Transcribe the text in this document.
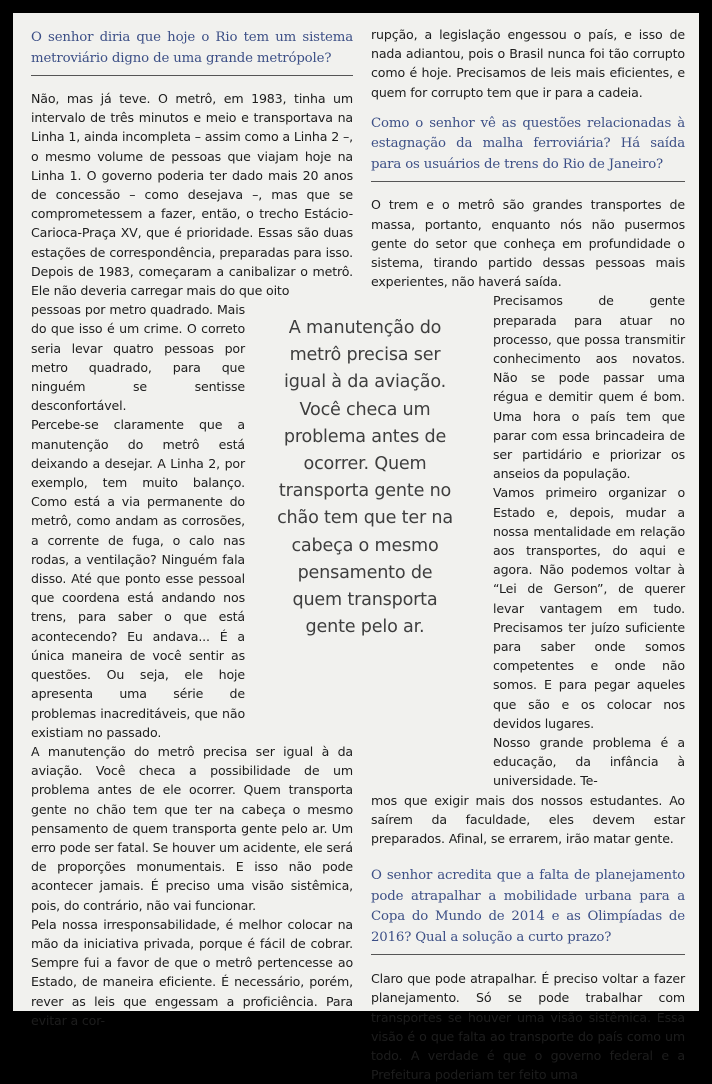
O senhor diria que hoje o Rio tem um sistema metroviário digno de uma grande metrópole?

Não, mas já teve. O metrô, em 1983, tinha um intervalo de três minutos e meio e transportava na Linha 1, ainda incompleta – assim como a Linha 2 –, o mesmo volume de pessoas que viajam hoje na Linha 1. O governo poderia ter dado mais 20 anos de concessão – como desejava –, mas que se comprometessem a fazer, então, o trecho Estácio-Carioca-Praça XV, que é prioridade. Essas são duas estações de correspondência, preparadas para isso. Depois de 1983, começaram a canibalizar o metrô. Ele não deveria carregar mais do que oito

pessoas por metro quadrado. Mais do que isso é um crime. O correto seria levar quatro pessoas por metro quadrado, para que ninguém se sentisse desconfortável.

Percebe-se claramente que a manutenção do metrô está deixando a desejar. A Linha 2, por exemplo, tem muito balanço. Como está a via permanente do metrô, como andam as corrosões, a corrente de fuga, o calo nas rodas, a ventilação? Ninguém fala disso. Até que ponto esse pessoal que coordena está andando nos trens, para saber o que está acontecendo? Eu andava... É a única maneira de você sentir as questões. Ou seja, ele hoje apresenta uma série de problemas inacreditáveis, que não existiam no passado.

A manutenção do metrô precisa ser igual à da aviação. Você checa a possibilidade de um problema antes de ele ocorrer. Quem transporta gente no chão tem que ter na cabeça o mesmo pensamento de quem transporta gente pelo ar. Um erro pode ser fatal. Se houver um acidente, ele será de proporções monumentais. E isso não pode acontecer jamais. É preciso uma visão sistêmica, pois, do contrário, não vai funcionar.

Pela nossa irresponsabilidade, é melhor colocar na mão da iniciativa privada, porque é fácil de cobrar. Sempre fui a favor de que o metrô pertencesse ao Estado, de maneira eficiente. É necessário, porém, rever as leis que engessam a proficiência. Para evitar a cor-

A manutenção do metrô precisa ser igual à da aviação. Você checa um problema antes de ocorrer. Quem transporta gente no chão tem que ter na cabeça o mesmo pensamento de quem transporta gente pelo ar.

rupção, a legislação engessou o país, e isso de nada adiantou, pois o Brasil nunca foi tão corrupto como é hoje. Precisamos de leis mais eficientes, e quem for corrupto tem que ir para a cadeia.

Como o senhor vê as questões relacionadas à estagnação da malha ferroviária? Há saída para os usuários de trens do Rio de Janeiro?

O trem e o metrô são grandes transportes de massa, portanto, enquanto nós não pusermos gente do setor que conheça em profundidade o sistema, tirando partido dessas pessoas mais experientes, não haverá saída.

Precisamos de gente preparada para atuar no processo, que possa transmitir conhecimento aos novatos. Não se pode passar uma régua e demitir quem é bom. Uma hora o país tem que parar com essa brincadeira de ser partidário e priorizar os anseios da população.

Vamos primeiro organizar o Estado e, depois, mudar a nossa mentalidade em relação aos transportes, do aqui e agora. Não podemos voltar à “Lei de Gerson”, de querer levar vantagem em tudo. Precisamos ter juízo suficiente para saber onde somos competentes e onde não somos. E para pegar aqueles que são e os colocar nos devidos lugares.

Nosso grande problema é a educação, da infância à universidade. Te-

mos que exigir mais dos nossos estudantes. Ao saírem da faculdade, eles devem estar preparados. Afinal, se errarem, irão matar gente.

O senhor acredita que a falta de planejamento pode atrapalhar a mobilidade urbana para a Copa do Mundo de 2014 e as Olimpíadas de 2016? Qual a solução a curto prazo?

Claro que pode atrapalhar. É preciso voltar a fazer planejamento. Só se pode trabalhar com transportes se houver uma visão sistêmica. Essa visão é o que falta ao transporte do país como um todo. A verdade é que o governo federal e a Prefeitura poderiam ter feito uma
